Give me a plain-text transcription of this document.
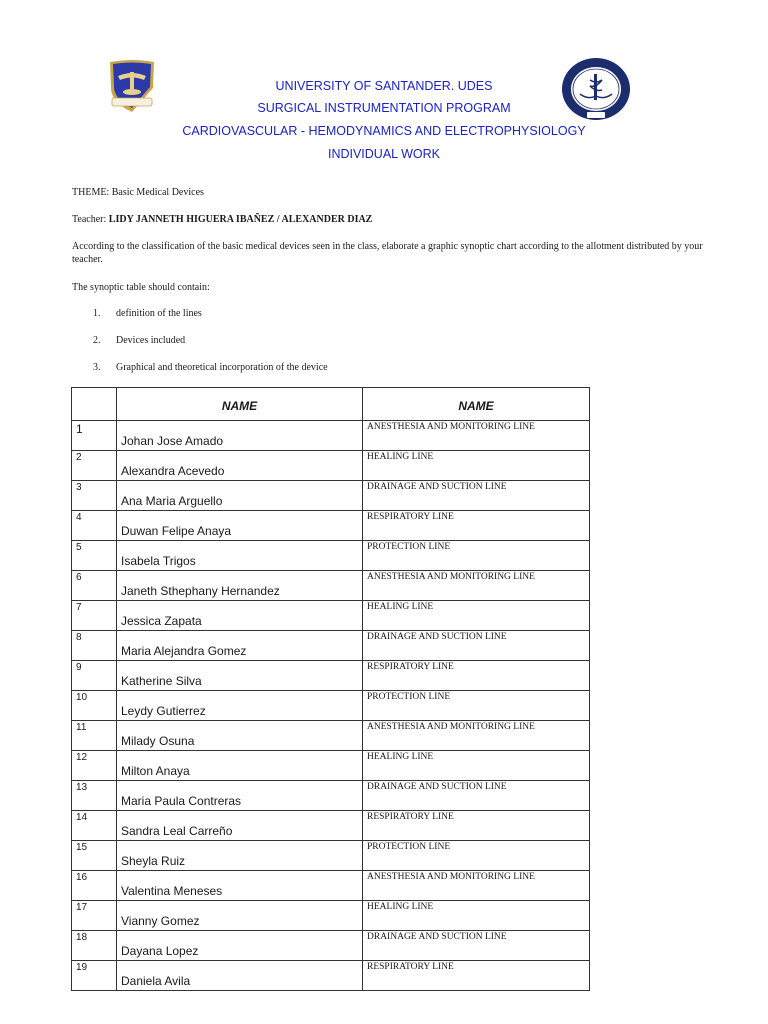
UNIVERSITY OF SANTANDER. UDES
SURGICAL INSTRUMENTATION PROGRAM
CARDIOVASCULAR - HEMODYNAMICS AND ELECTROPHYSIOLOGY
INDIVIDUAL WORK
THEME: Basic Medical Devices
Teacher: LIDY JANNETH HIGUERA IBAÑEZ / ALEXANDER DIAZ
According to the classification of the basic medical devices seen in the class, elaborate a graphic synoptic chart according to the allotment distributed by your teacher.
The synoptic table should contain:
1. definition of the lines
2. Devices included
3. Graphical and theoretical incorporation of the device
	NAME	NAME
1	Johan Jose Amado	ANESTHESIA AND MONITORING LINE
2	Alexandra Acevedo	HEALING LINE
3	Ana Maria Arguello	DRAINAGE AND SUCTION LINE
4	Duwan Felipe Anaya	RESPIRATORY LINE
5	Isabela Trigos	PROTECTION LINE
6	Janeth Sthephany Hernandez	ANESTHESIA AND MONITORING LINE
7	Jessica Zapata	HEALING LINE
8	Maria Alejandra Gomez	DRAINAGE AND SUCTION LINE
9	Katherine Silva	RESPIRATORY LINE
10	Leydy Gutierrez	PROTECTION LINE
11	Milady Osuna	ANESTHESIA AND MONITORING LINE
12	Milton Anaya	HEALING LINE
13	Maria Paula Contreras	DRAINAGE AND SUCTION LINE
14	Sandra Leal Carreño	RESPIRATORY LINE
15	Sheyla Ruiz	PROTECTION LINE
16	Valentina Meneses	ANESTHESIA AND MONITORING LINE
17	Vianny Gomez	HEALING LINE
18	Dayana Lopez	DRAINAGE AND SUCTION LINE
19	Daniela Avila	RESPIRATORY LINE
